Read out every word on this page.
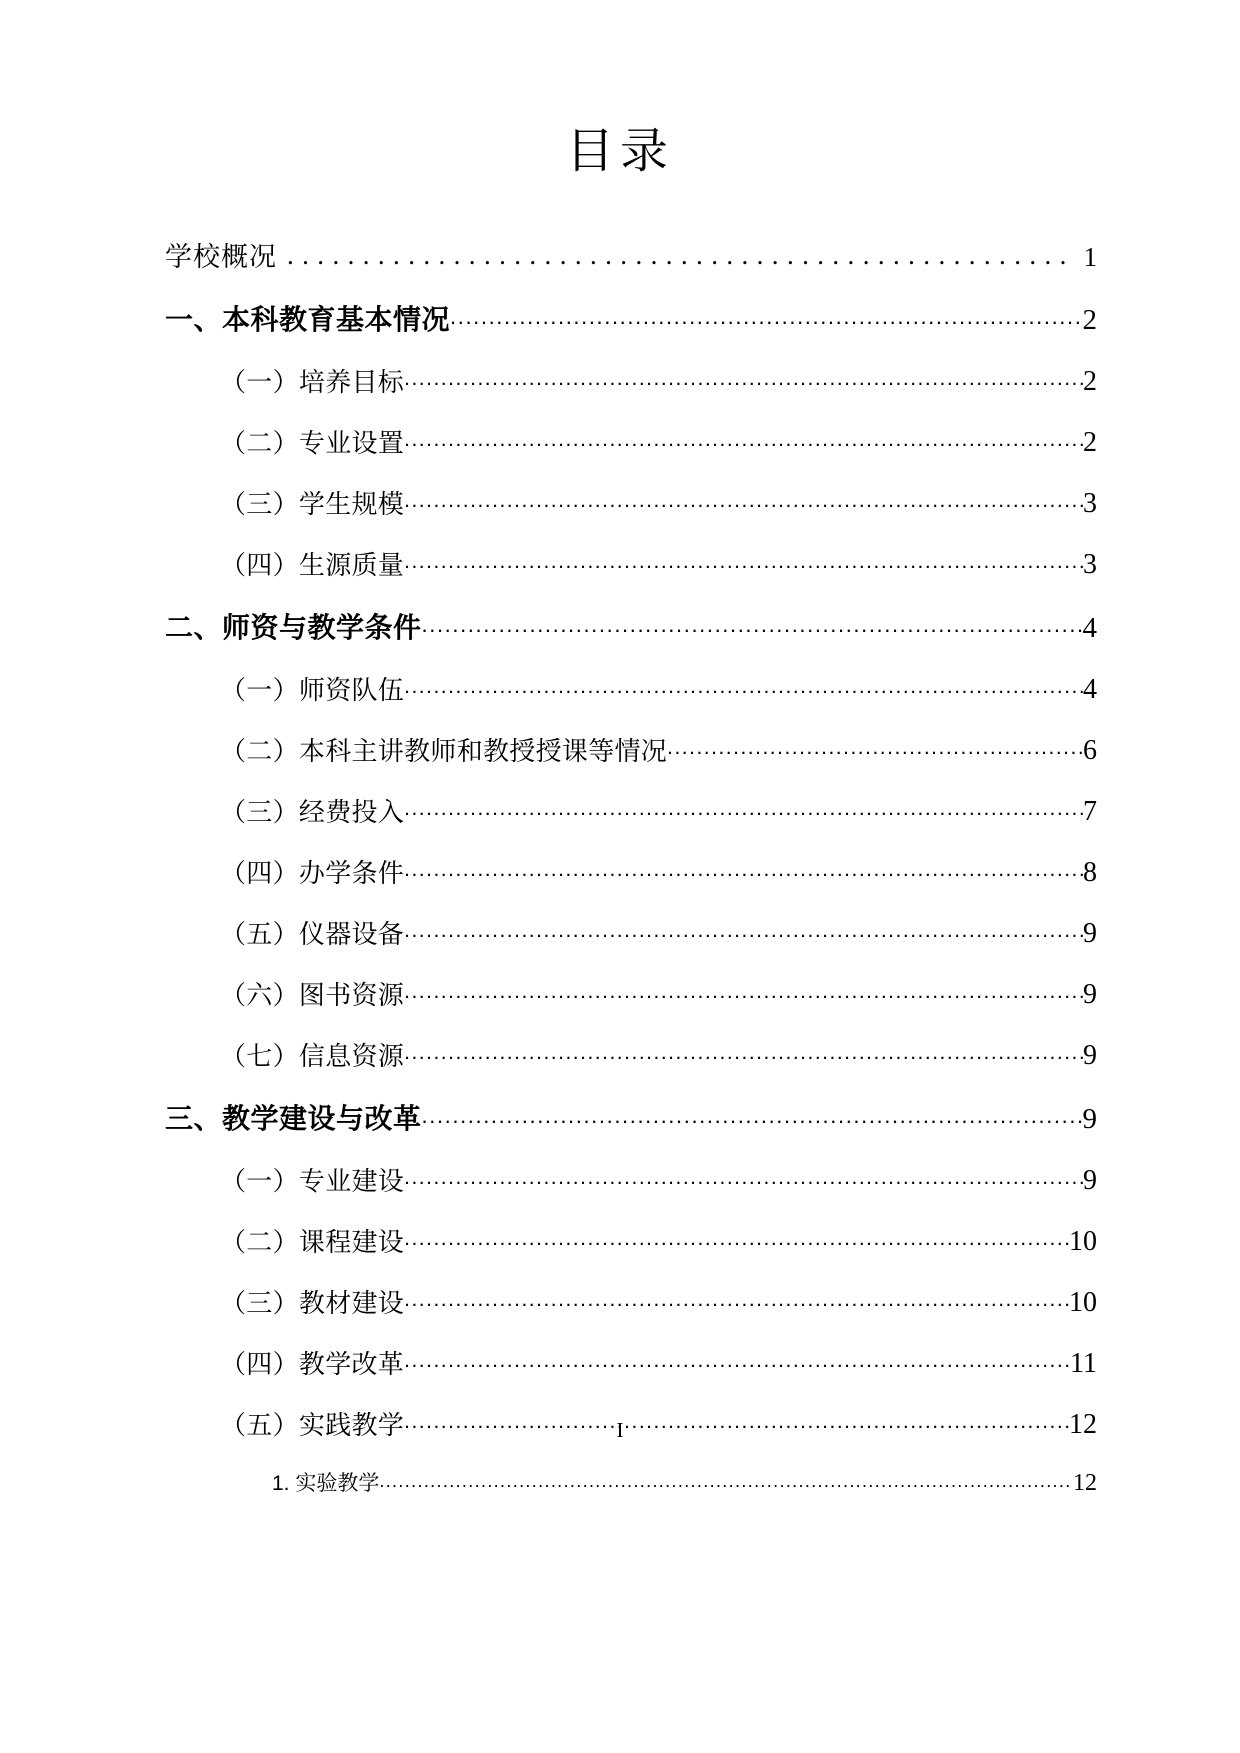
目录
学校概况 .....	1
一、本科教育基本情况 .....	2
（一）培养目标 .....	2
（二）专业设置 .....	2
（三）学生规模 .....	3
（四）生源质量 .....	3
二、师资与教学条件 .....	4
（一）师资队伍 .....	4
（二）本科主讲教师和教授授课等情况 .....	6
（三）经费投入 .....	7
（四）办学条件 .....	8
（五）仪器设备 .....	9
（六）图书资源 .....	9
（七）信息资源 .....	9
三、教学建设与改革 .....	9
（一）专业建设 .....	9
（二）课程建设 .....	10
（三）教材建设 .....	10
（四）教学改革 .....	11
（五）实践教学 .....	12
1. 实验教学 .....	12
I
